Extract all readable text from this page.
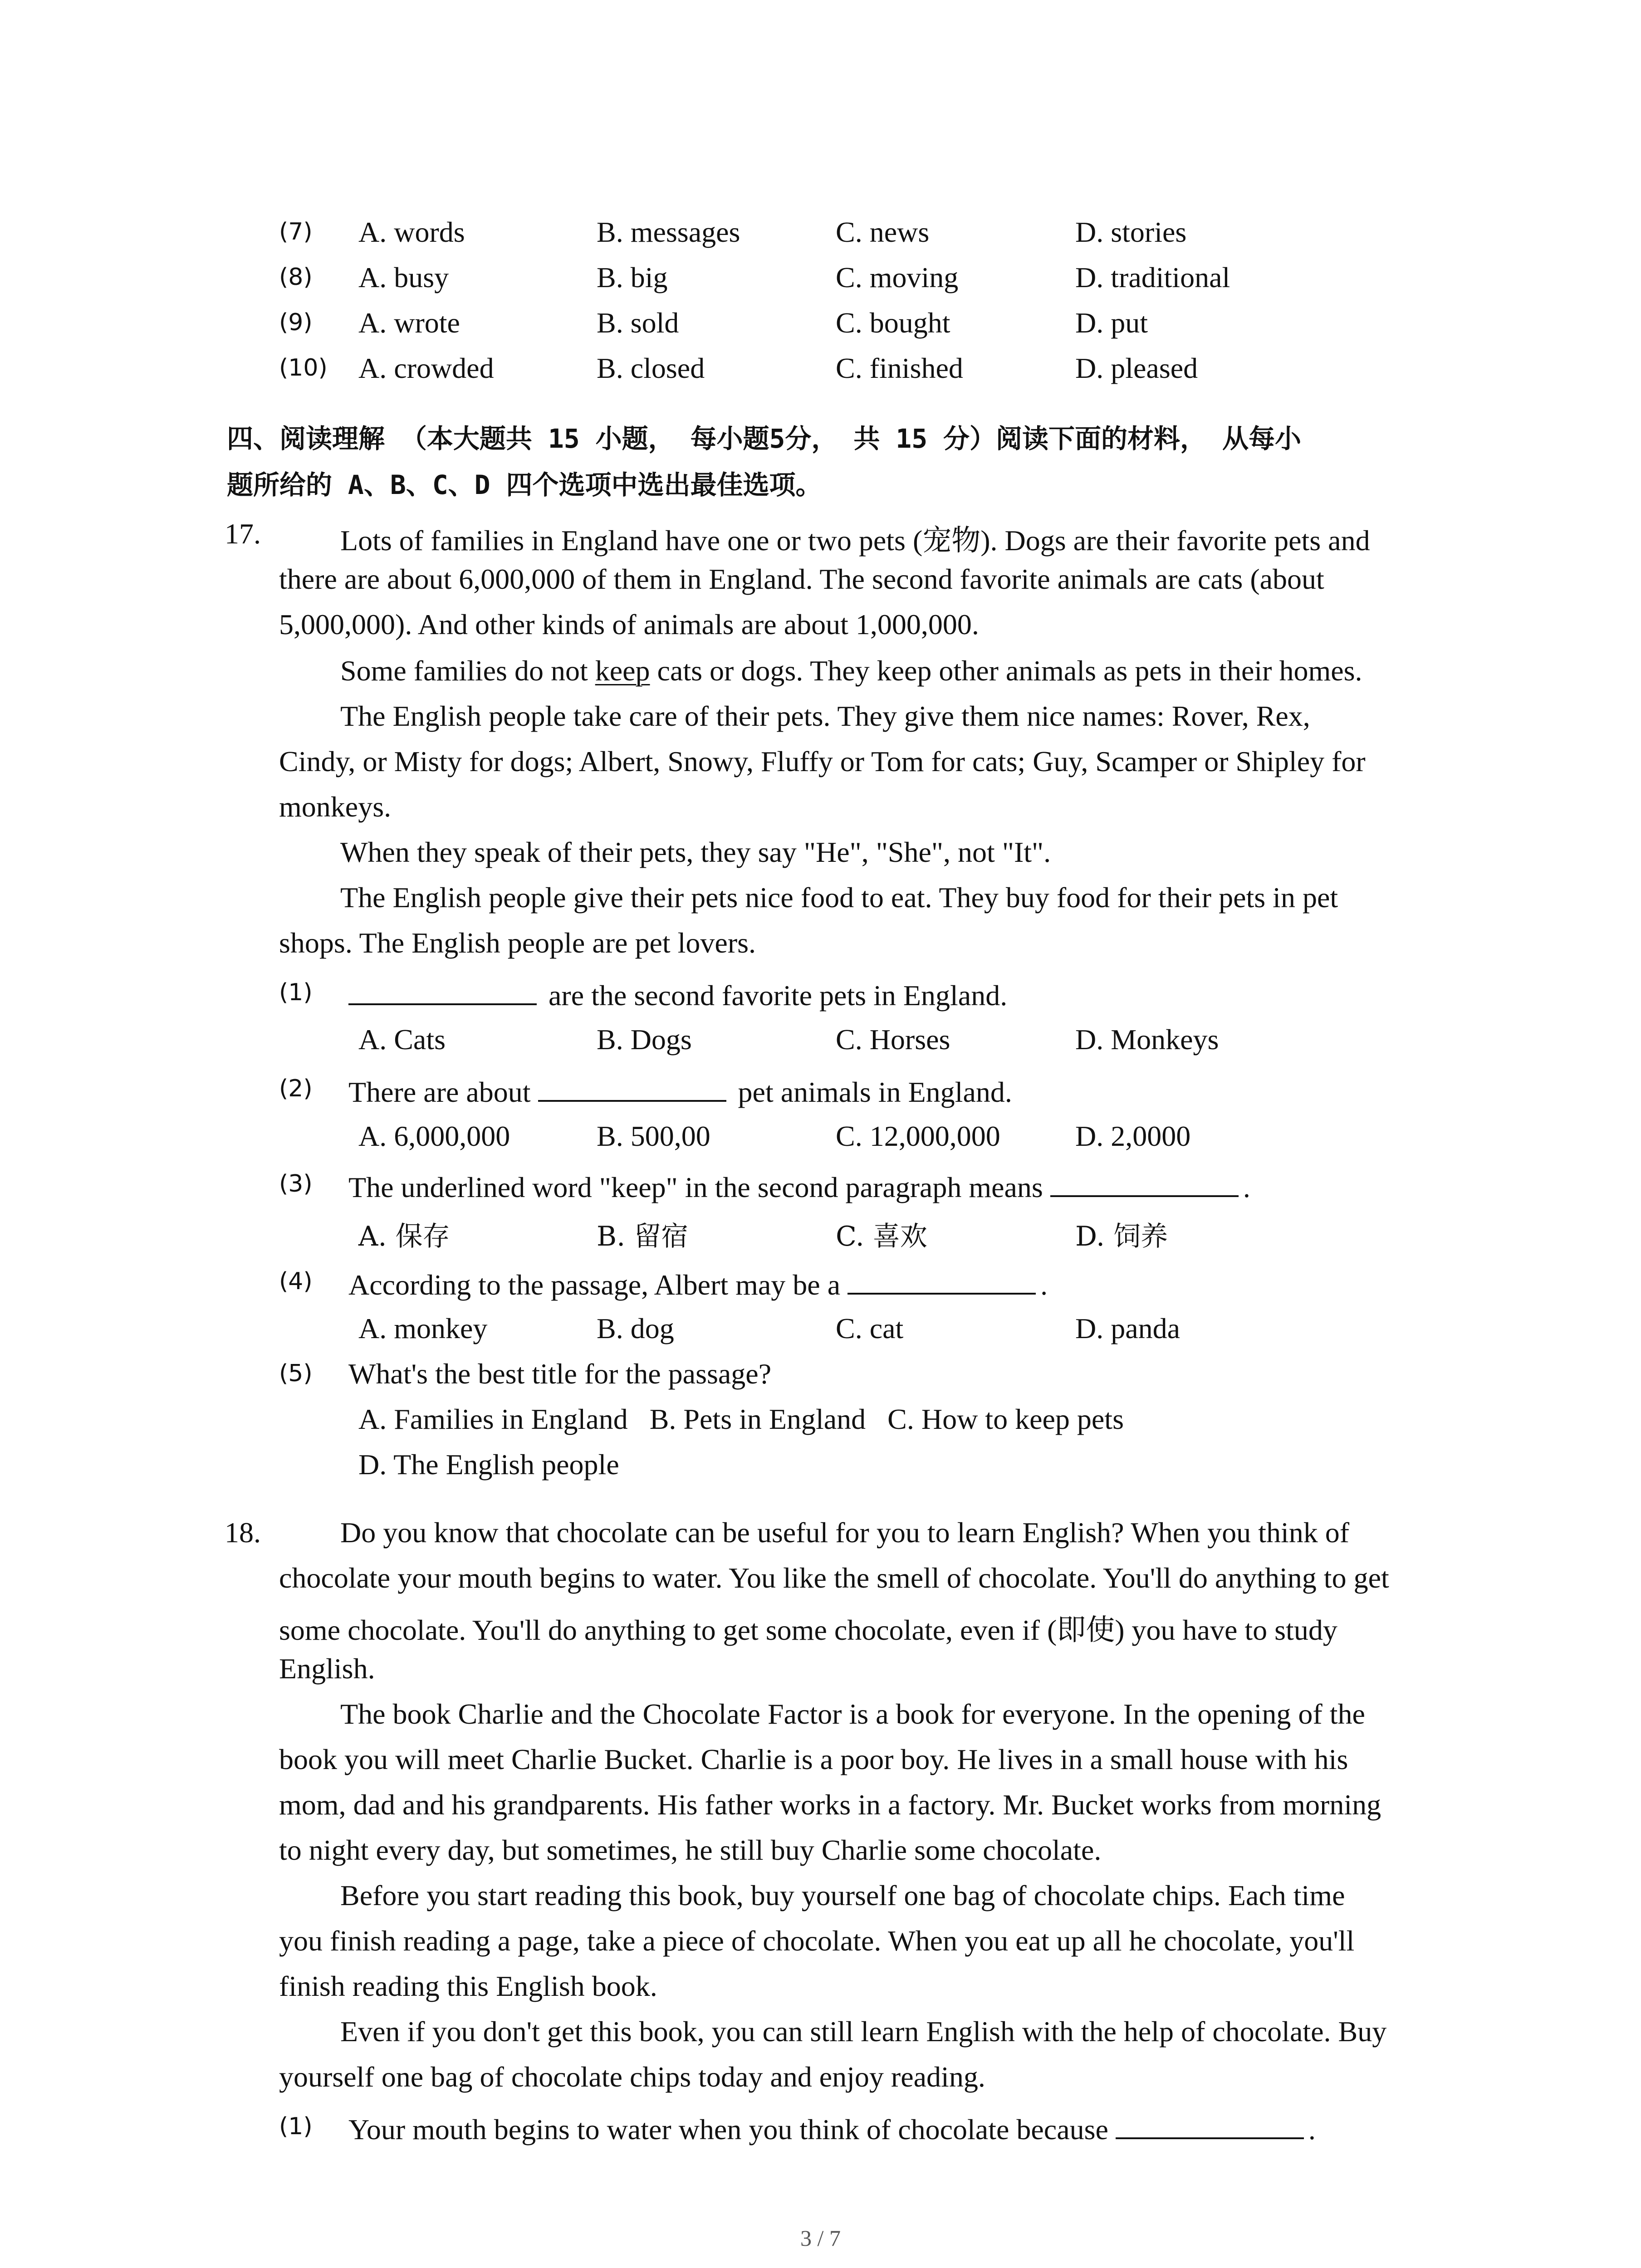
(7) A. words	B. messages	C. news	D. stories
(8) A. busy	B. big	C. moving	D. traditional
(9) A. wrote	B. sold	C. bought	D. put
(10) A. crowded	B. closed	C. finished	D. pleased
四、阅读理解 （本大题共 15 小题， 每小题5分， 共 15 分）阅读下面的材料， 从每小
题所给的 A、B、C、D 四个选项中选出最佳选项。
17.	Lots of families in England have one or two pets (宠物). Dogs are their favorite pets and
there are about 6,000,000 of them in England. The second favorite animals are cats (about
5,000,000). And other kinds of animals are about 1,000,000.
Some families do not keep cats or dogs. They keep other animals as pets in their homes.
The English people take care of their pets. They give them nice names: Rover, Rex,
Cindy, or Misty for dogs; Albert, Snowy, Fluffy or Tom for cats; Guy, Scamper or Shipley for
monkeys.
When they speak of their pets, they say "He", "She", not "It".
The English people give their pets nice food to eat. They buy food for their pets in pet
shops. The English people are pet lovers.
(1)	are the second favorite pets in England.
A. Cats	B. Dogs	C. Horses	D. Monkeys
(2) There are about	pet animals in England.
A. 6,000,000	B. 500,00	C. 12,000,000	D. 2,0000
(3) The underlined word "keep" in the second paragraph means	.
A. 保存	B. 留宿	C. 喜欢	D. 饲养
(4) According to the passage, Albert may be a	.
A. monkey	B. dog	C. cat	D. panda
(5) What's the best title for the passage?
A. Families in England   B. Pets in England   C. How to keep pets
D. The English people
18.	Do you know that chocolate can be useful for you to learn English? When you think of
chocolate your mouth begins to water. You like the smell of chocolate. You'll do anything to get
some chocolate. You'll do anything to get some chocolate, even if (即使) you have to study
English.
The book Charlie and the Chocolate Factor is a book for everyone. In the opening of the
book you will meet Charlie Bucket. Charlie is a poor boy. He lives in a small house with his
mom, dad and his grandparents. His father works in a factory. Mr. Bucket works from morning
to night every day, but sometimes, he still buy Charlie some chocolate.
Before you start reading this book, buy yourself one bag of chocolate chips. Each time
you finish reading a page, take a piece of chocolate. When you eat up all he chocolate, you'll
finish reading this English book.
Even if you don't get this book, you can still learn English with the help of chocolate. Buy
yourself one bag of chocolate chips today and enjoy reading.
(1) Your mouth begins to water when you think of chocolate because	.
3 / 7
